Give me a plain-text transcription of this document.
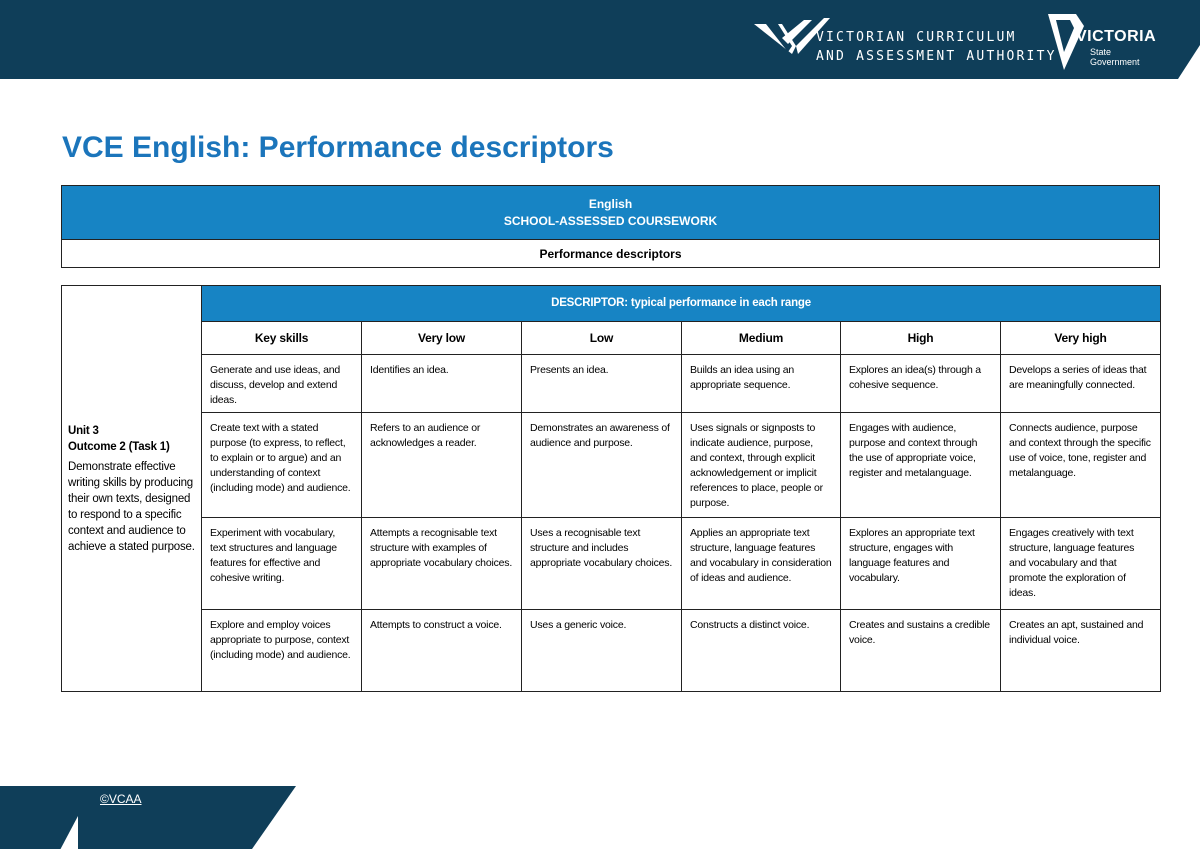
VICTORIAN CURRICULUM
AND ASSESSMENT AUTHORITY
VICTORIA
State
Government
VCE English: Performance descriptors
English
SCHOOL-ASSESSED COURSEWORK

Performance descriptors
Unit 3
Outcome 2 (Task 1)
Demonstrate effective writing skills by producing their own texts, designed to respond to a specific context and audience to achieve a stated purpose.	DESCRIPTOR: typical performance in each range					
	Key skills	Very low	Low	Medium	High	Very high
	Generate and use ideas, and discuss, develop and extend ideas.	Identifies an idea.	Presents an idea.	Builds an idea using an appropriate sequence.	Explores an idea(s) through a cohesive sequence.	Develops a series of ideas that are meaningfully connected.
	Create text with a stated purpose (to express, to reflect, to explain or to argue) and an understanding of context (including mode) and audience.	Refers to an audience or acknowledges a reader.	Demonstrates an awareness of audience and purpose.	Uses signals or signposts to indicate audience, purpose, and context, through explicit acknowledgement or implicit references to place, people or purpose.	Engages with audience, purpose and context through the use of appropriate voice, register and metalanguage.	Connects audience, purpose and context through the specific use of voice, tone, register and metalanguage.
	Experiment with vocabulary, text structures and language features for effective and cohesive writing.	Attempts a recognisable text structure with examples of appropriate vocabulary choices.	Uses a recognisable text structure and includes appropriate vocabulary choices.	Applies an appropriate text structure, language features and vocabulary in consideration of ideas and audience.	Explores an appropriate text structure, engages with language features and vocabulary.	Engages creatively with text structure, language features and vocabulary and that promote the exploration of ideas.
	Explore and employ voices appropriate to purpose, context (including mode) and audience.	Attempts to construct a voice.	Uses a generic voice.	Constructs a distinct voice.	Creates and sustains a credible voice.	Creates an apt, sustained and individual voice.
©VCAA
